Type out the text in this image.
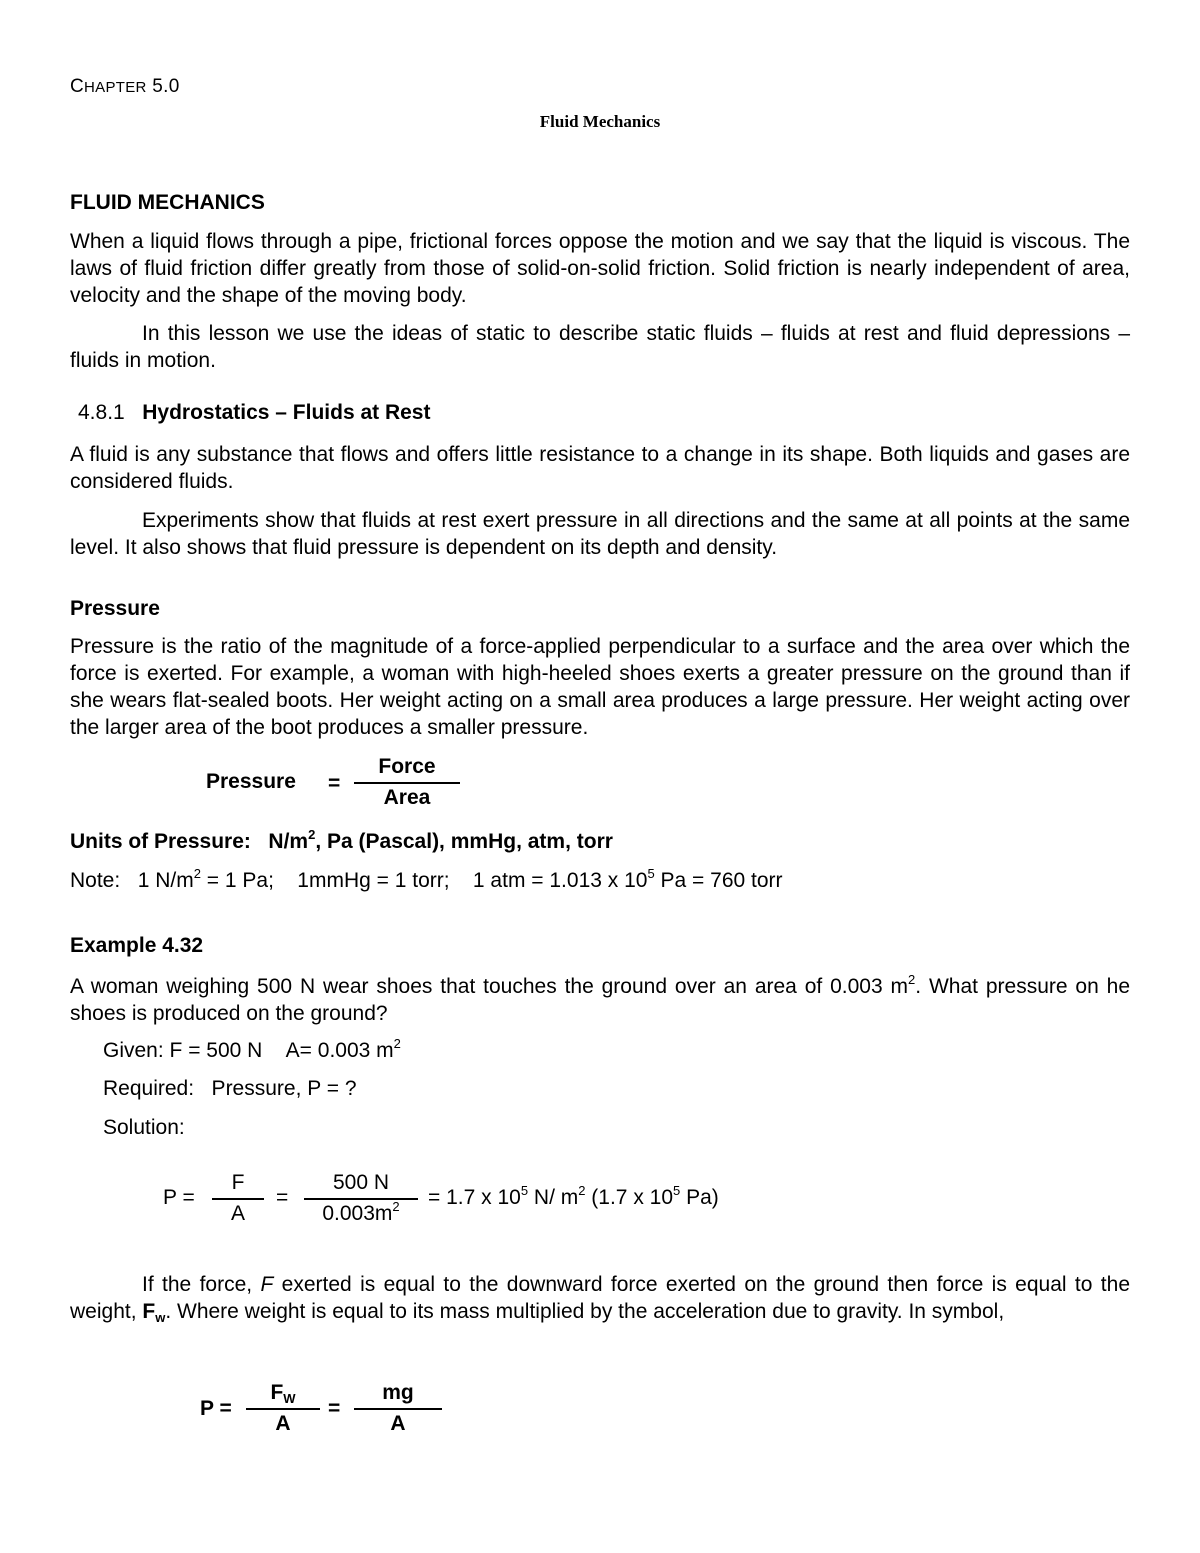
CHAPTER 5.0
Fluid Mechanics
FLUID MECHANICS
When a liquid flows through a pipe, frictional forces oppose the motion and we say that the liquid is viscous. The laws of fluid friction differ greatly from those of solid-on-solid friction. Solid friction is nearly independent of area, velocity and the shape of the moving body.
In this lesson we use the ideas of static to describe static fluids – fluids at rest and fluid depressions – fluids in motion.
4.8.1 Hydrostatics – Fluids at Rest
A fluid is any substance that flows and offers little resistance to a change in its shape. Both liquids and gases are considered fluids.
Experiments show that fluids at rest exert pressure in all directions and the same at all points at the same level. It also shows that fluid pressure is dependent on its depth and density.
Pressure
Pressure is the ratio of the magnitude of a force-applied perpendicular to a surface and the area over which the force is exerted. For example, a woman with high-heeled shoes exerts a greater pressure on the ground than if she wears flat-sealed boots. Her weight acting on a small area produces a large pressure. Her weight acting over the larger area of the boot produces a smaller pressure.
Pressure =
Force
Area
Units of Pressure: $N/m^2$, Pa (Pascal), mmHg, atm, torr
Note: 1 $N/m^2 = 1$ Pa; 1mmHg = 1 torr; 1 atm = 1.013 x $10^5$ Pa = 760 torr
Example 4.32
A woman weighing 500 N wear shoes that touches the ground over an area of 0.003 $m^2$. What pressure on he shoes is produced on the ground?
Given: F = 500 N A= 0.003 $m^2$
Required:   Pressure, P = ?
Solution:
P =
F
A
=
500 N
$0.003m^2$	= 1.7 x $10^5$ N/ $m^2$ (1.7 x $10^5$ Pa)
If the force, F exerted is equal to the downward force exerted on the ground then force is equal to the weight, $F_w$. Where weight is equal to its mass multiplied by the acceleration due to gravity. In symbol,
P =
$F_W$
A
=
mg
A
